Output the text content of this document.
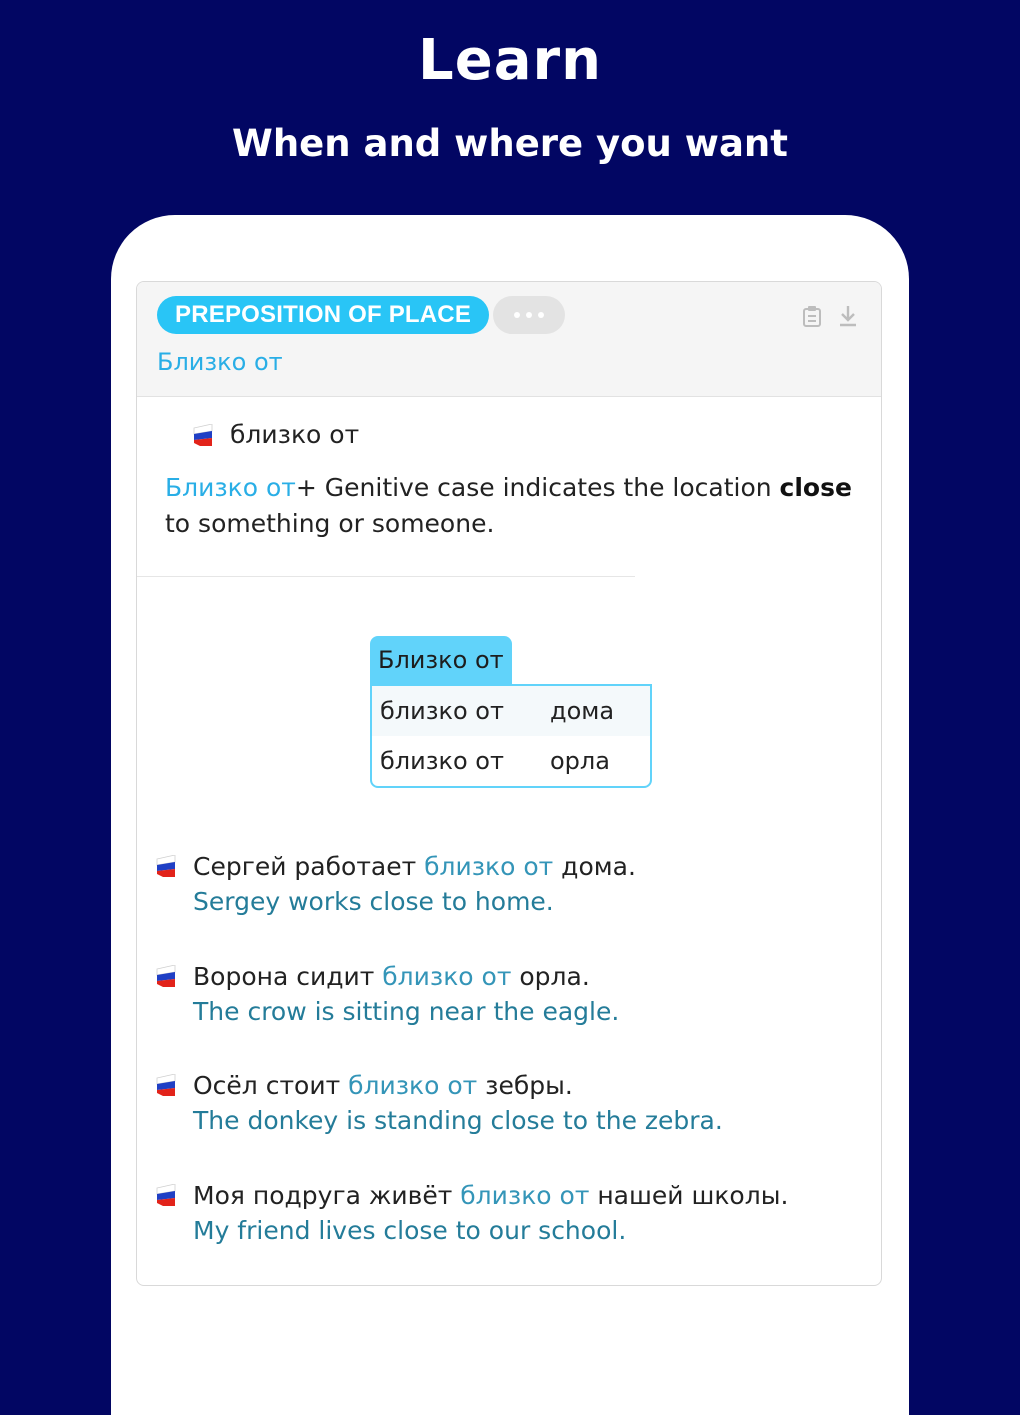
Learn
When and where you want
PREPOSITION OF PLACE
Близко от
близко от
Близко от+ Genitive case indicates the location close to something or someone.
Близко от
близко от	дома
близко от	орла
Сергей работает близко от дома.
Sergey works close to home.
Ворона сидит близко от орла.
The crow is sitting near the eagle.
Осёл стоит близко от зебры.
The donkey is standing close to the zebra.
Моя подруга живёт близко от нашей школы.
My friend lives close to our school.
